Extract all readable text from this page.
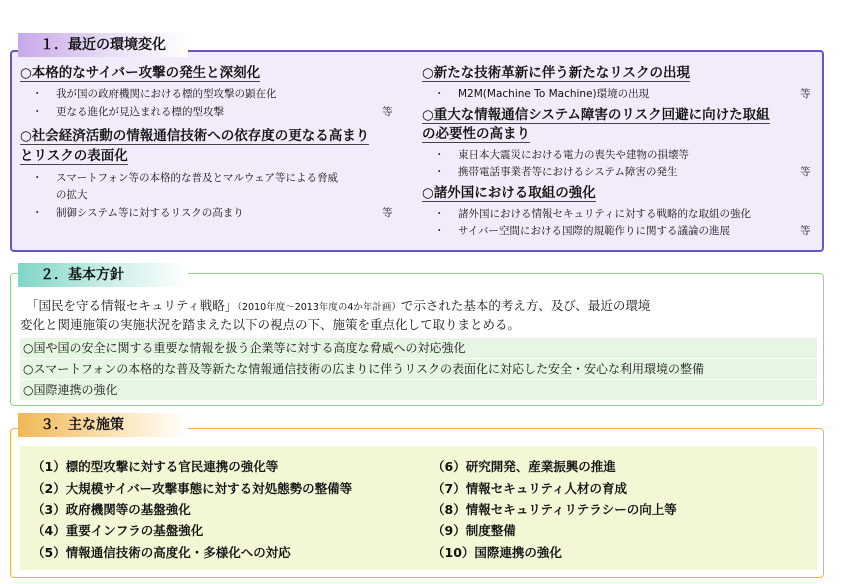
１．最近の環境変化
○本格的なサイバー攻撃の発生と深刻化
・ 我が国の政府機関における標的型攻撃の顕在化
・ 更なる進化が見込まれる標的型攻撃	等
○社会経済活動の情報通信技術への依存度の更なる高まり
とリスクの表面化
・ スマートフォン等の本格的な普及とマルウェア等による脅威
の拡大
・ 制御システム等に対するリスクの高まり	等
○新たな技術革新に伴う新たなリスクの出現
・ M2M(Machine To Machine)環境の出現	等
○重大な情報通信システム障害のリスク回避に向けた取組
の必要性の高まり
・ 東日本大震災における電力の喪失や建物の損壊等
・ 携帯電話事業者等におけるシステム障害の発生	等
○諸外国における取組の強化
・ 諸外国における情報セキュリティに対する戦略的な取組の強化
・ サイバー空間における国際的規範作りに関する議論の進展	等
２．基本方針
「国民を守る情報セキュリティ戦略」（2010年度～2013年度の4か年計画）で示された基本的考え方、及び、最近の環境
変化と関連施策の実施状況を踏まえた以下の視点の下、施策を重点化して取りまとめる。
○国や国の安全に関する重要な情報を扱う企業等に対する高度な脅威への対応強化
○スマートフォンの本格的な普及等新たな情報通信技術の広まりに伴うリスクの表面化に対応した安全・安心な利用環境の整備
○国際連携の強化
３．主な施策
（1）標的型攻撃に対する官民連携の強化等
（2）大規模サイバー攻撃事態に対する対処態勢の整備等
（3）政府機関等の基盤強化
（4）重要インフラの基盤強化
（5）情報通信技術の高度化・多様化への対応
（6）研究開発、産業振興の推進
（7）情報セキュリティ人材の育成
（8）情報セキュリティリテラシーの向上等
（9）制度整備
（10）国際連携の強化
